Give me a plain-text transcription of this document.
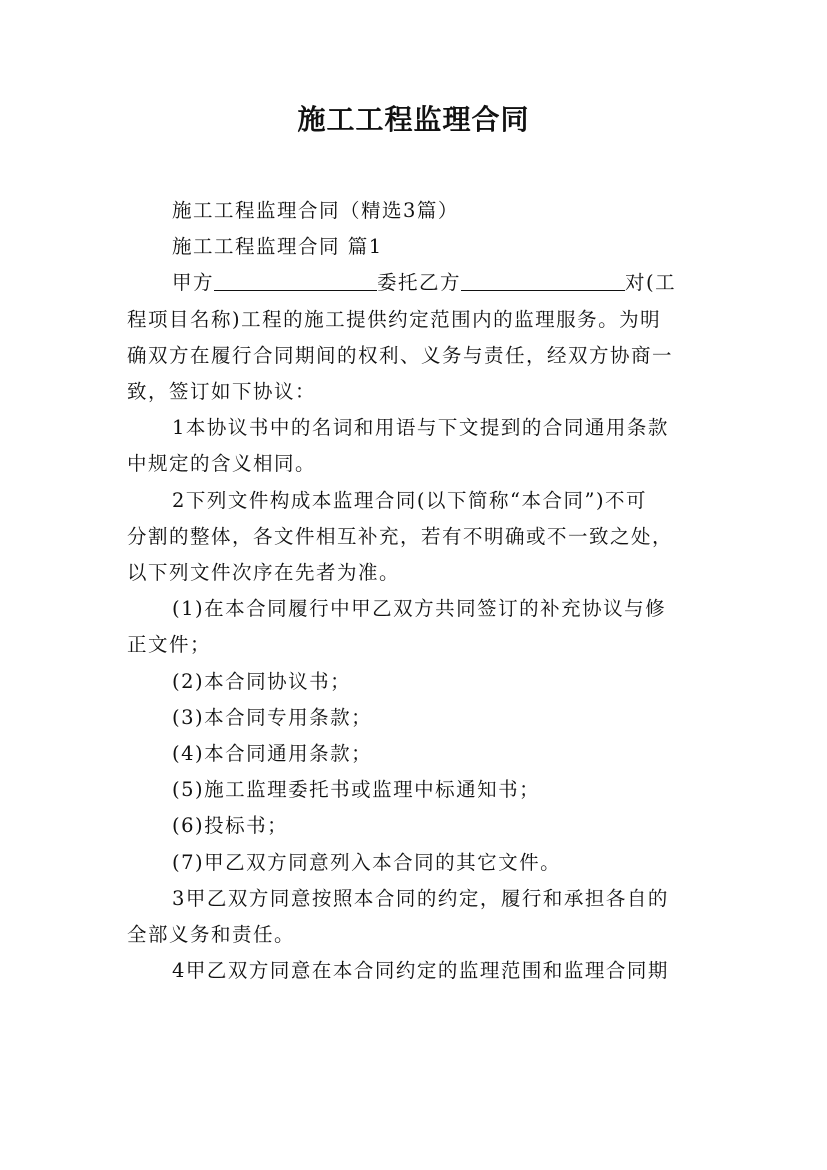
施工工程监理合同

施工工程监理合同（精选3篇）

施工工程监理合同 篇1

甲方	委托乙方	对(工

程项目名称)工程的施工提供约定范围内的监理服务。为明

确双方在履行合同期间的权利、义务与责任，经双方协商一

致，签订如下协议：

1本协议书中的名词和用语与下文提到的合同通用条款

中规定的含义相同。

2下列文件构成本监理合同(以下简称“本合同”)不可

分割的整体，各文件相互补充，若有不明确或不一致之处，

以下列文件次序在先者为准。

(1)在本合同履行中甲乙双方共同签订的补充协议与修

正文件；

(2)本合同协议书；

(3)本合同专用条款；

(4)本合同通用条款；

(5)施工监理委托书或监理中标通知书；

(6)投标书；

(7)甲乙双方同意列入本合同的其它文件。

3甲乙双方同意按照本合同的约定，履行和承担各自的

全部义务和责任。

4甲乙双方同意在本合同约定的监理范围和监理合同期
